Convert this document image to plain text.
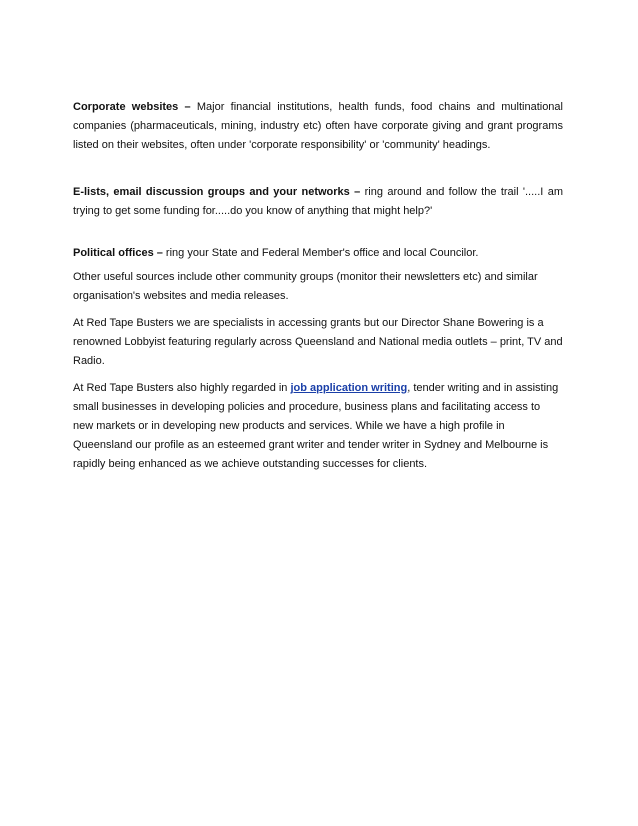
Corporate websites – Major financial institutions, health funds, food chains and multinational companies (pharmaceuticals, mining, industry etc) often have corporate giving and grant programs listed on their websites, often under 'corporate responsibility' or 'community' headings.

E-lists, email discussion groups and your networks – ring around and follow the trail '.....I am trying to get some funding for.....do you know of anything that might help?'

Political offices – ring your State and Federal Member's office and local Councilor.

Other useful sources include other community groups (monitor their newsletters etc) and similar organisation's websites and media releases.

At Red Tape Busters we are specialists in accessing grants but our Director Shane Bowering is a renowned Lobbyist featuring regularly across Queensland and National media outlets – print, TV and Radio.

At Red Tape Busters also highly regarded in job application writing, tender writing and in assisting small businesses in developing policies and procedure, business plans and facilitating access to new markets or in developing new products and services. While we have a high profile in Queensland our profile as an esteemed grant writer and tender writer in Sydney and Melbourne is rapidly being enhanced as we achieve outstanding successes for clients.
